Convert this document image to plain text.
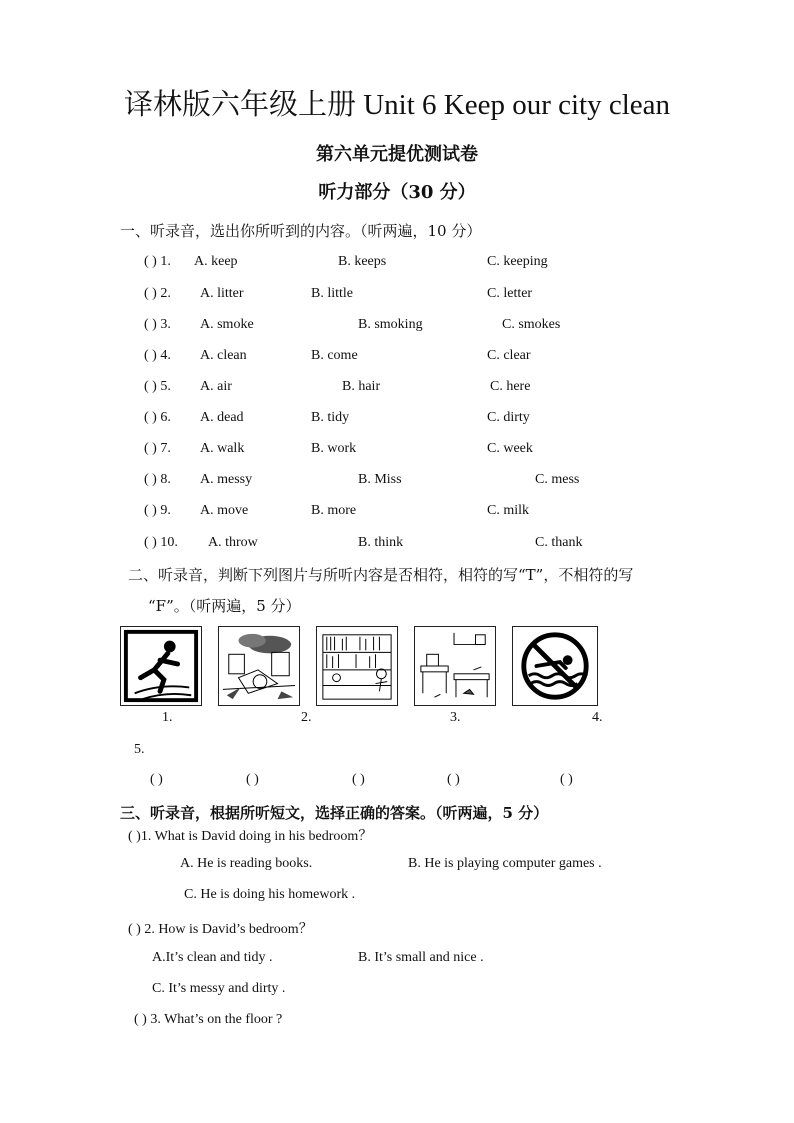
译林版六年级上册 Unit 6 Keep our city clean
第六单元提优测试卷
听力部分（30 分）
一、听录音，选出你所听到的内容。（听两遍，10 分）
( ) 1. A. keep	B. keeps	C. keeping
( ) 2. A. litter	B. little	C. letter
( ) 3. A. smoke	B. smoking	C. smokes
( ) 4. A. clean	B. come	C. clear
( ) 5. A. air	B. hair	C. here
( ) 6. A. dead	B. tidy	C. dirty
( ) 7. A. walk	B. work	C. week
( ) 8. A. messy	B. Miss	C. mess
( ) 9. A. move	B. more	C. milk
( ) 10. A. throw	B. think	C. thank
二、听录音，判断下列图片与所听内容是否相符，相符的写“T”，不相符的写
“F”。（听两遍，5 分）
1.	2.	3.	4.
5.
( )	( )	( )	( )	( )
三、听录音，根据所听短文，选择正确的答案。（听两遍，5 分）
( )1. What is David doing in his bedroom？
A. He is reading books.	B. He is playing computer games .
C. He is doing his homework .
( ) 2. How is David’s bedroom？
A.It’s clean and tidy .	B. It’s small and nice .
C. It’s messy and dirty .
( ) 3. What’s on the floor ?
